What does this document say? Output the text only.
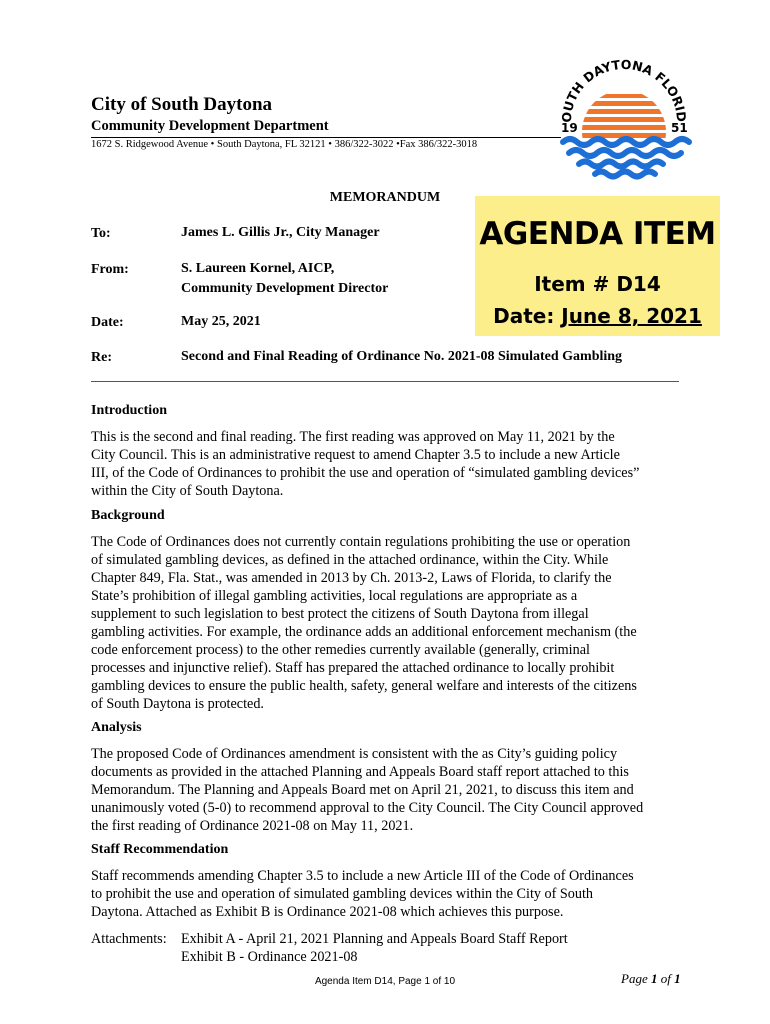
City of South Daytona
Community Development Department
1672 S. Ridgewood Avenue • South Daytona, FL 32121 • 386/322-3022 •Fax 386/322-3018
OUTH DAYTONA FLORID
19	51
MEMORANDUM
To:	James L. Gillis Jr., City Manager
From:	S. Laureen Kornel, AICP,
Community Development Director
Date:	May 25, 2021
Re:	Second and Final Reading of Ordinance No. 2021-08 Simulated Gambling
AGENDA ITEM
Item # D14
Date: June 8, 2021
Introduction
This is the second and final reading. The first reading was approved on May 11, 2021 by the
City Council. This is an administrative request to amend Chapter 3.5 to include a new Article
III, of the Code of Ordinances to prohibit the use and operation of “simulated gambling devices”
within the City of South Daytona.
Background
The Code of Ordinances does not currently contain regulations prohibiting the use or operation
of simulated gambling devices, as defined in the attached ordinance, within the City. While
Chapter 849, Fla. Stat., was amended in 2013 by Ch. 2013-2, Laws of Florida, to clarify the
State’s prohibition of illegal gambling activities, local regulations are appropriate as a
supplement to such legislation to best protect the citizens of South Daytona from illegal
gambling activities. For example, the ordinance adds an additional enforcement mechanism (the
code enforcement process) to the other remedies currently available (generally, criminal
processes and injunctive relief). Staff has prepared the attached ordinance to locally prohibit
gambling devices to ensure the public health, safety, general welfare and interests of the citizens
of South Daytona is protected.
Analysis
The proposed Code of Ordinances amendment is consistent with the as City’s guiding policy
documents as provided in the attached Planning and Appeals Board staff report attached to this
Memorandum. The Planning and Appeals Board met on April 21, 2021, to discuss this item and
unanimously voted (5-0) to recommend approval to the City Council. The City Council approved
the first reading of Ordinance 2021-08 on May 11, 2021.
Staff Recommendation
Staff recommends amending Chapter 3.5 to include a new Article III of the Code of Ordinances
to prohibit the use and operation of simulated gambling devices within the City of South
Daytona. Attached as Exhibit B is Ordinance 2021-08 which achieves this purpose.
Attachments: Exhibit A - April 21, 2021 Planning and Appeals Board Staff Report
Exhibit B - Ordinance 2021-08
Agenda Item D14, Page 1 of 10	Page 1 of 1
